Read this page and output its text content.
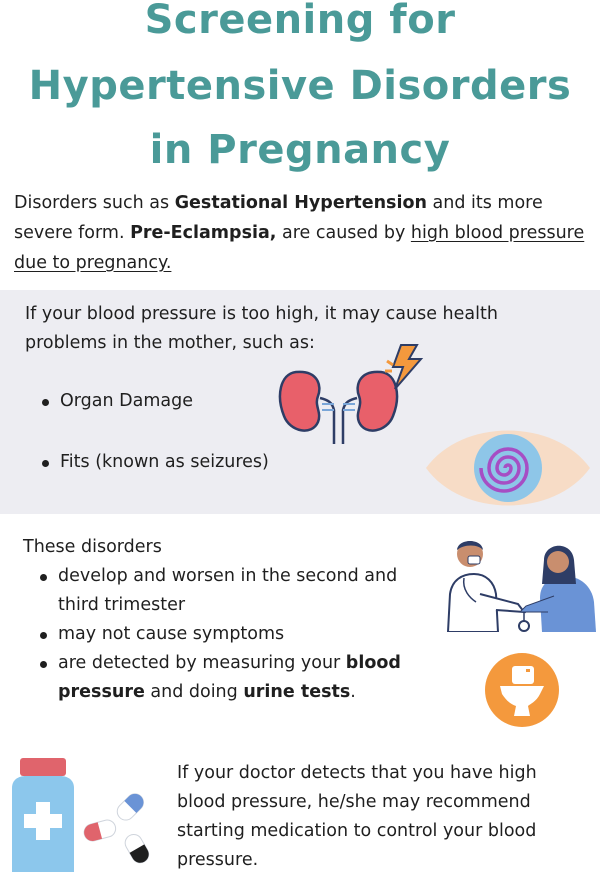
Screening for
Hypertensive Disorders
in Pregnancy
Disorders such as Gestational Hypertension and its more severe form. Pre-Eclampsia, are caused by high blood pressure due to pregnancy.
If your blood pressure is too high, it may cause health problems in the mother, such as:
Organ Damage
Fits (known as seizures)
These disorders
develop and worsen in the second and third trimester
may not cause symptoms
are detected by measuring your blood pressure and doing urine tests.
If your doctor detects that you have high blood pressure, he/she may recommend starting medication to control your blood pressure.
